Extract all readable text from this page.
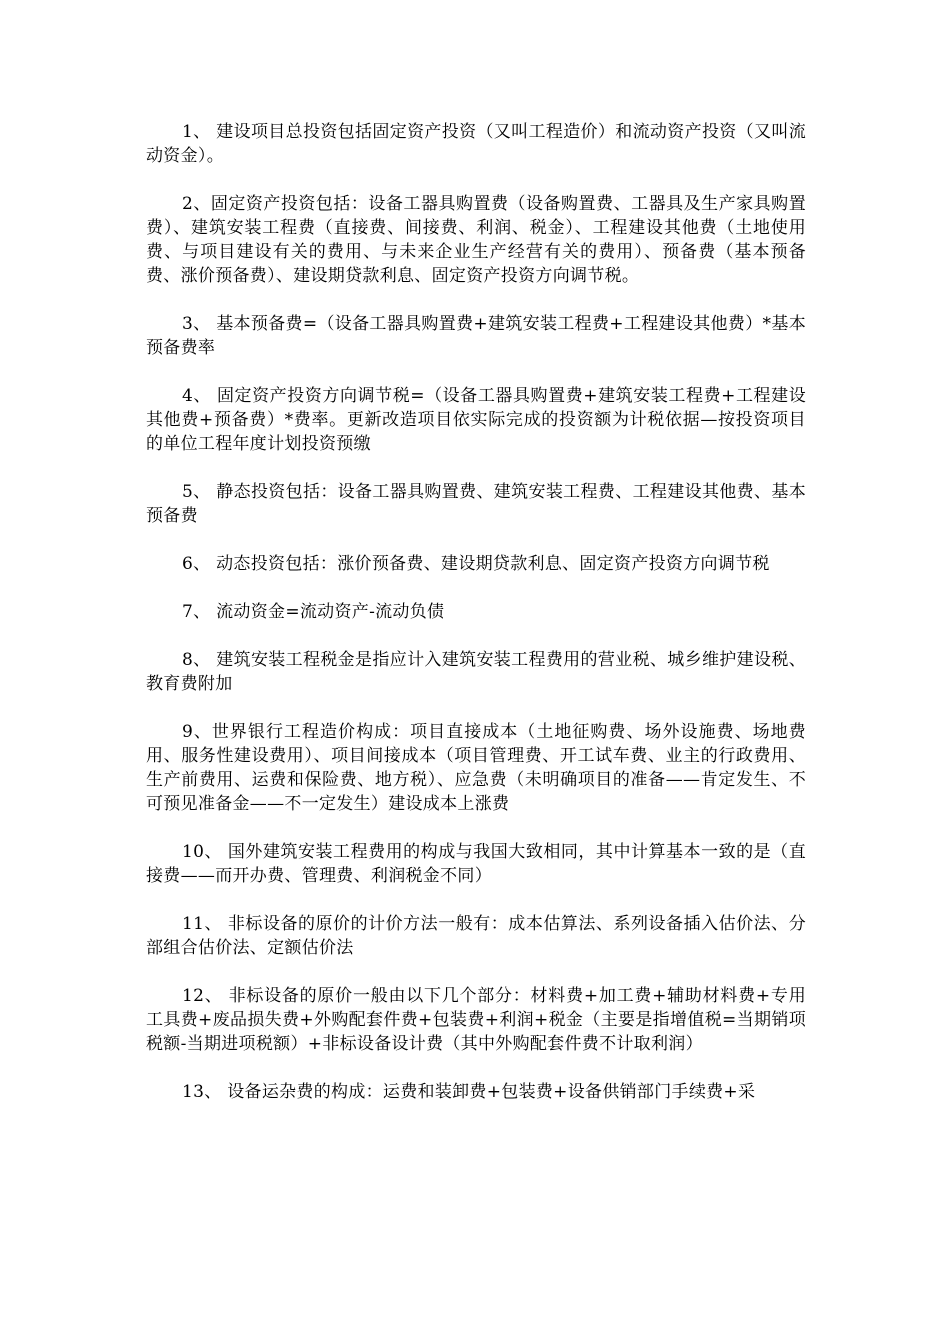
1、 建设项目总投资包括固定资产投资（又叫工程造价）和流动资产投资（又叫流动资金）。

2、固定资产投资包括：设备工器具购置费（设备购置费、工器具及生产家具购置费）、建筑安装工程费（直接费、间接费、利润、税金）、工程建设其他费（土地使用费、与项目建设有关的费用、与未来企业生产经营有关的费用）、预备费（基本预备费、涨价预备费）、建设期贷款利息、固定资产投资方向调节税。

3、 基本预备费=（设备工器具购置费+建筑安装工程费+工程建设其他费）*基本预备费率

4、 固定资产投资方向调节税=（设备工器具购置费+建筑安装工程费+工程建设其他费+预备费）*费率。更新改造项目依实际完成的投资额为计税依据—按投资项目的单位工程年度计划投资预缴

5、 静态投资包括：设备工器具购置费、建筑安装工程费、工程建设其他费、基本预备费

6、 动态投资包括：涨价预备费、建设期贷款利息、固定资产投资方向调节税

7、 流动资金=流动资产-流动负债

8、 建筑安装工程税金是指应计入建筑安装工程费用的营业税、城乡维护建设税、教育费附加

9、世界银行工程造价构成：项目直接成本（土地征购费、场外设施费、场地费用、服务性建设费用）、项目间接成本（项目管理费、开工试车费、业主的行政费用、生产前费用、运费和保险费、地方税）、应急费（未明确项目的准备——肯定发生、不可预见准备金——不一定发生）建设成本上涨费

10、 国外建筑安装工程费用的构成与我国大致相同，其中计算基本一致的是（直接费——而开办费、管理费、利润税金不同）

11、 非标设备的原价的计价方法一般有：成本估算法、系列设备插入估价法、分部组合估价法、定额估价法

12、 非标设备的原价一般由以下几个部分：材料费+加工费+辅助材料费+专用工具费+废品损失费+外购配套件费+包装费+利润+税金（主要是指增值税=当期销项税额-当期进项税额）+非标设备设计费（其中外购配套件费不计取利润）

13、 设备运杂费的构成：运费和装卸费+包装费+设备供销部门手续费+采
